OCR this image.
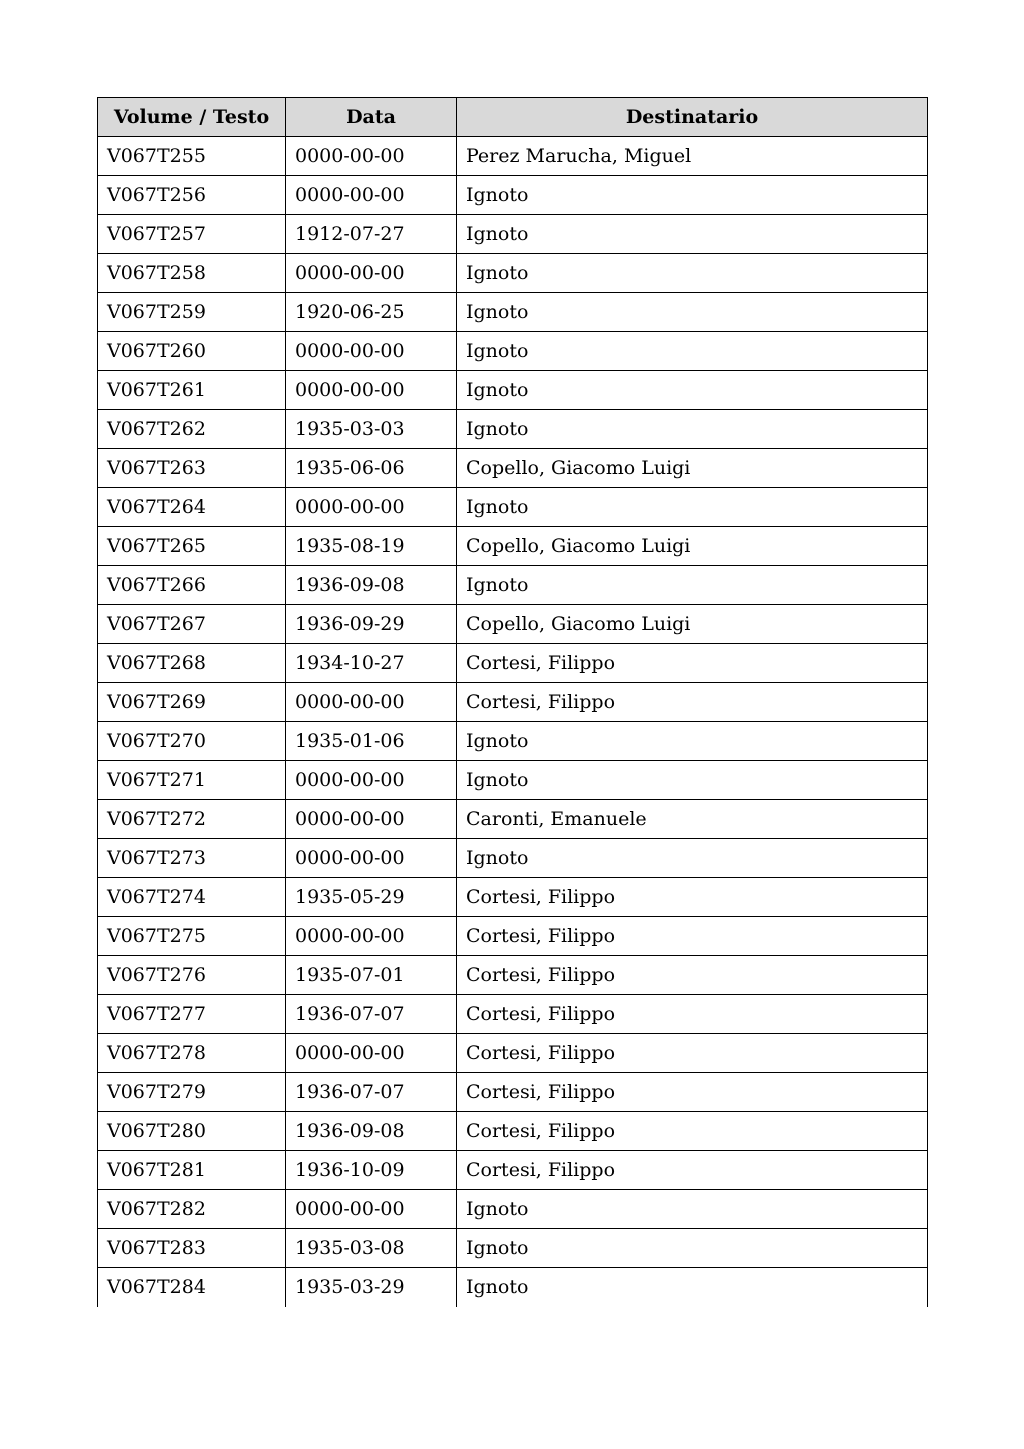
Volume / Testo	Data	Destinatario
V067T255	0000-00-00	Perez Marucha, Miguel
V067T256	0000-00-00	Ignoto
V067T257	1912-07-27	Ignoto
V067T258	0000-00-00	Ignoto
V067T259	1920-06-25	Ignoto
V067T260	0000-00-00	Ignoto
V067T261	0000-00-00	Ignoto
V067T262	1935-03-03	Ignoto
V067T263	1935-06-06	Copello, Giacomo Luigi
V067T264	0000-00-00	Ignoto
V067T265	1935-08-19	Copello, Giacomo Luigi
V067T266	1936-09-08	Ignoto
V067T267	1936-09-29	Copello, Giacomo Luigi
V067T268	1934-10-27	Cortesi, Filippo
V067T269	0000-00-00	Cortesi, Filippo
V067T270	1935-01-06	Ignoto
V067T271	0000-00-00	Ignoto
V067T272	0000-00-00	Caronti, Emanuele
V067T273	0000-00-00	Ignoto
V067T274	1935-05-29	Cortesi, Filippo
V067T275	0000-00-00	Cortesi, Filippo
V067T276	1935-07-01	Cortesi, Filippo
V067T277	1936-07-07	Cortesi, Filippo
V067T278	0000-00-00	Cortesi, Filippo
V067T279	1936-07-07	Cortesi, Filippo
V067T280	1936-09-08	Cortesi, Filippo
V067T281	1936-10-09	Cortesi, Filippo
V067T282	0000-00-00	Ignoto
V067T283	1935-03-08	Ignoto
V067T284	1935-03-29	Ignoto
